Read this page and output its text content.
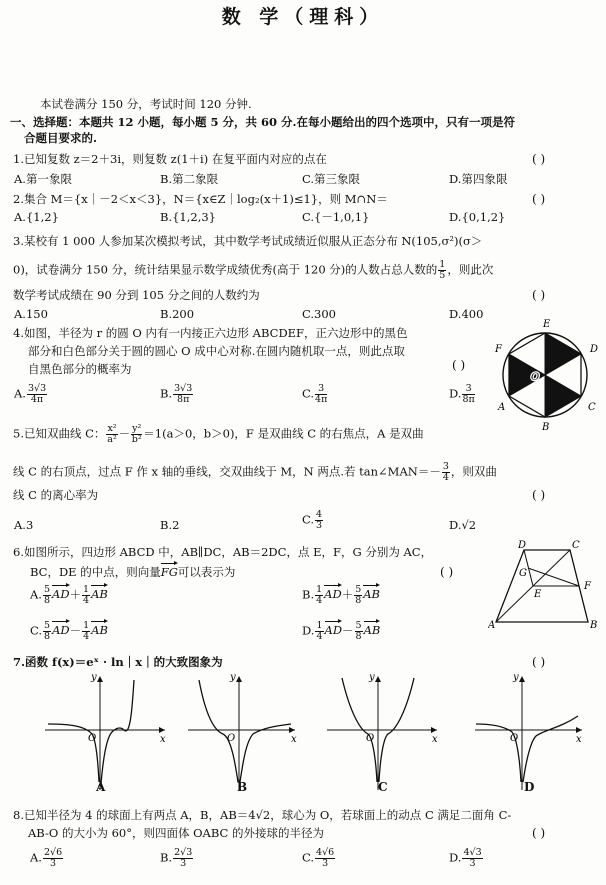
数 学（理科）
本试卷满分 150 分，考试时间 120 分钟.
一、选择题：本题共 12 小题，每小题 5 分，共 60 分.在每小题给出的四个选项中，只有一项是符
合题目要求的.
1.已知复数 z＝2＋3i，则复数 z(1＋i) 在复平面内对应的点在	( )
A.第一象限	B.第二象限	C.第三象限	D.第四象限
2.集合 M＝{x｜－2＜x＜3}，N＝{x∈Z｜log₂(x＋1)≤1}，则 M∩N＝	( )
A.{1,2}	B.{1,2,3}	C.{－1,0,1}	D.{0,1,2}
3.某校有 1 000 人参加某次模拟考试，其中数学考试成绩近似服从正态分布 N(105,σ²)(σ＞
0)，试卷满分 150 分，统计结果显示数学成绩优秀(高于 120 分)的人数占总人数的 $\frac{1}{5}$ ，则此次
数学考试成绩在 90 分到 105 分之间的人数约为	( )
A.150	B.200	C.300	D.400
4.如图，半径为 r 的圆 O 内有一内接正六边形 ABCDEF，正六边形中的黑色
部分和白色部分关于圆的圆心 O 成中心对称.在圆内随机取一点，则此点取
自黑色部分的概率为	( )
A. $\frac{3√3}{4\pi}$	B. $\frac{3√3}{8\pi}$	C. $\frac{3}{4\pi}$	D. $\frac{3}{8\pi}$
E
D
F
O
A	C
B
5.已知双曲线 C： $\frac{\text{x²}}{\text{a²}} - \frac{\text{y²}}{\text{b²}} =1(a>0$，b＞0)，F 是双曲线 C 的右焦点，A 是双曲
线 C 的右顶点，过点 F 作 x 轴的垂线，交双曲线于 M，N 两点.若 tan∠MAN＝－ $\frac{3}{4}$ ，则双曲
线 C 的离心率为	( )
A.3	B.2	C. $\frac{4}{3}$	D.√2
6.如图所示，四边形 ABCD 中，AB∥DC，AB＝2DC，点 E，F，G 分别为 AC，
BC，DE 的中点，则向量FG可以表示为	( )
A. $\frac{5}{8} AD+ \frac{1}{4}$ AB	B. $\frac{1}{4} AD+ \frac{5}{8}$ AB
C. $\frac{5}{8} AD- \frac{1}{4}$ AB	D. $\frac{1}{4} AD- \frac{5}{8}$ AB
D	C
G
F
E
A	B
7.函数 f(x)＝eˣ · ln｜x｜的大致图象为	( )
y
x
O
A
y
x
O
B
y
x
O
C
y
x
O
D
8.已知半径为 4 的球面上有两点 A，B，AB＝4√2，球心为 O，若球面上的动点 C 满足二面角 C-
AB-O 的大小为 60°，则四面体 OABC 的外接球的半径为	( )
A. $\frac{2√6}{3}$	B. $\frac{2√3}{3}$	C. $\frac{4√6}{3}$	D. $\frac{4√3}{3}$
